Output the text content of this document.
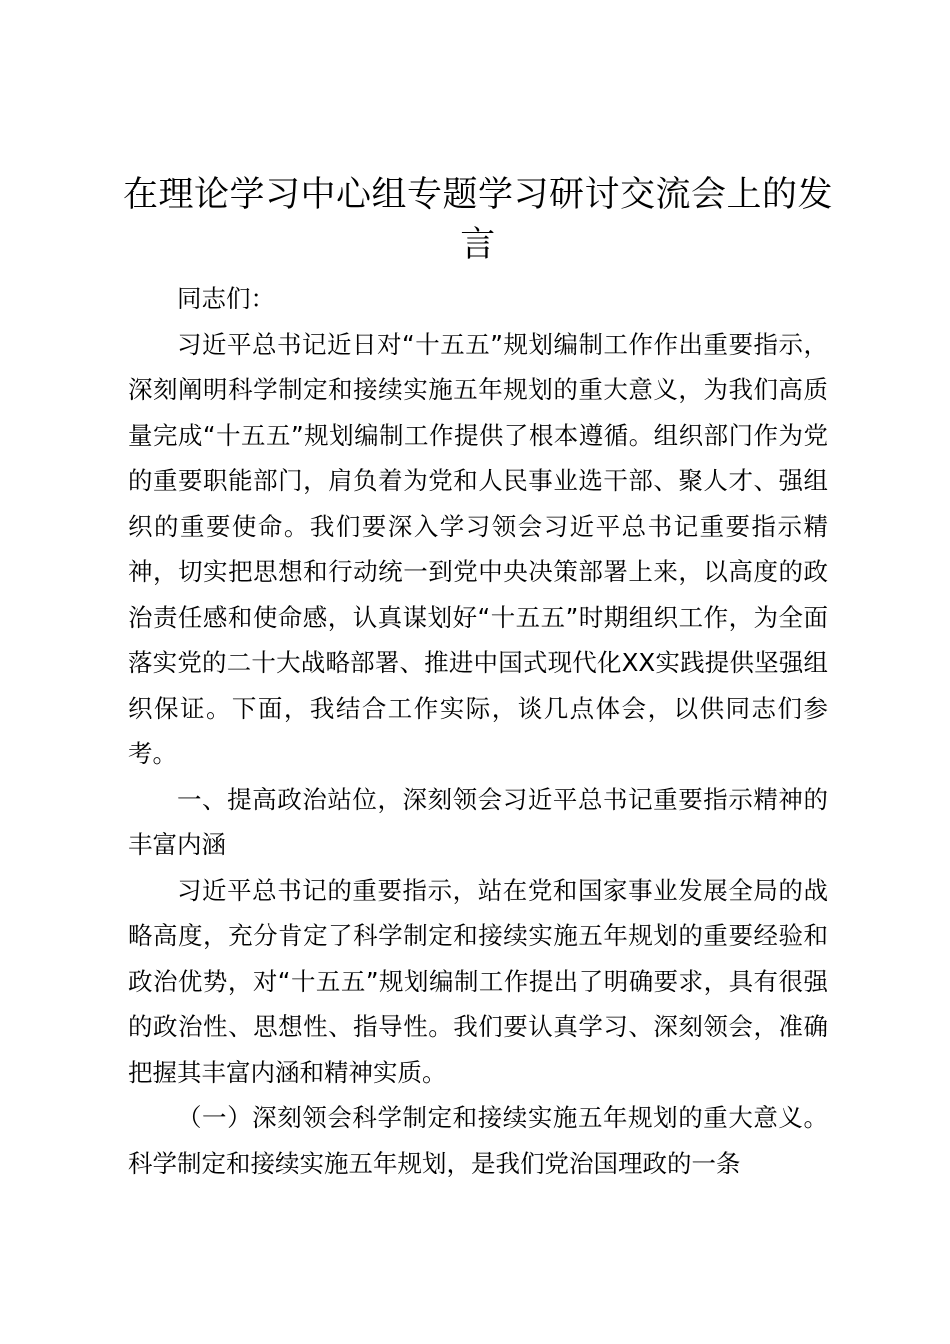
在理论学习中心组专题学习研讨交流会上的发言

同志们：

习近平总书记近日对“十五五”规划编制工作作出重要指示，深刻阐明科学制定和接续实施五年规划的重大意义，为我们高质量完成“十五五”规划编制工作提供了根本遵循。组织部门作为党的重要职能部门，肩负着为党和人民事业选干部、聚人才、强组织的重要使命。我们要深入学习领会习近平总书记重要指示精神，切实把思想和行动统一到党中央决策部署上来，以高度的政治责任感和使命感，认真谋划好“十五五”时期组织工作，为全面落实党的二十大战略部署、推进中国式现代化XX实践提供坚强组织保证。下面，我结合工作实际，谈几点体会，以供同志们参考。

一、提高政治站位，深刻领会习近平总书记重要指示精神的丰富内涵

习近平总书记的重要指示，站在党和国家事业发展全局的战略高度，充分肯定了科学制定和接续实施五年规划的重要经验和政治优势，对“十五五”规划编制工作提出了明确要求，具有很强的政治性、思想性、指导性。我们要认真学习、深刻领会，准确把握其丰富内涵和精神实质。

（一）深刻领会科学制定和接续实施五年规划的重大意义。科学制定和接续实施五年规划，是我们党治国理政的一条
